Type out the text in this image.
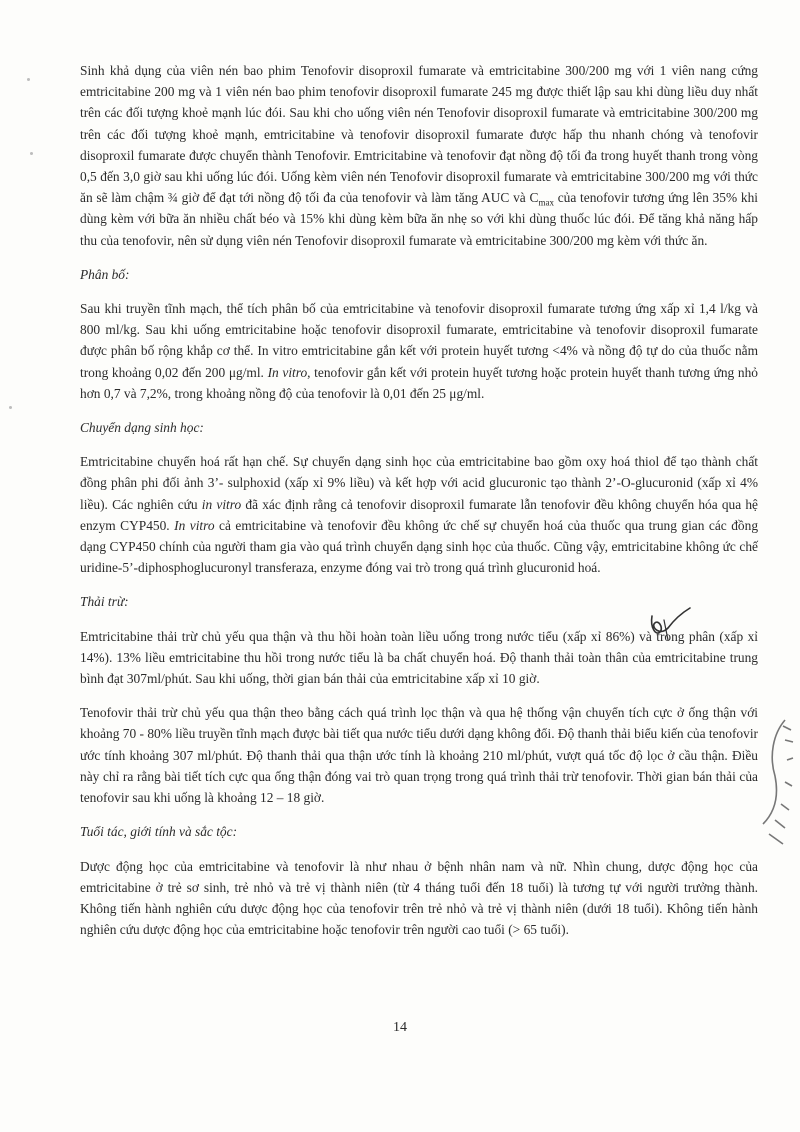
Sinh khả dụng của viên nén bao phim Tenofovir disoproxil fumarate và emtricitabine 300/200 mg với 1 viên nang cứng emtricitabine 200 mg và 1 viên nén bao phim tenofovir disoproxil fumarate 245 mg được thiết lập sau khi dùng liều duy nhất trên các đối tượng khoẻ mạnh lúc đói. Sau khi cho uống viên nén Tenofovir disoproxil fumarate và emtricitabine 300/200 mg trên các đối tượng khoẻ mạnh, emtricitabine và tenofovir disoproxil fumarate được hấp thu nhanh chóng và tenofovir disoproxil fumarate được chuyển thành Tenofovir. Emtricitabine và tenofovir đạt nồng độ tối đa trong huyết thanh trong vòng 0,5 đến 3,0 giờ sau khi uống lúc đói. Uống kèm viên nén Tenofovir disoproxil fumarate và emtricitabine 300/200 mg với thức ăn sẽ làm chậm ¾ giờ để đạt tới nồng độ tối đa của tenofovir và làm tăng AUC và $C_{max}$ của tenofovir tương ứng lên 35% khi dùng kèm với bữa ăn nhiều chất béo và 15% khi dùng kèm bữa ăn nhẹ so với khi dùng thuốc lúc đói. Để tăng khả năng hấp thu của tenofovir, nên sử dụng viên nén Tenofovir disoproxil fumarate và emtricitabine 300/200 mg kèm với thức ăn.

Phân bố:

Sau khi truyền tĩnh mạch, thể tích phân bố của emtricitabine và tenofovir disoproxil fumarate tương ứng xấp xỉ 1,4 l/kg và 800 ml/kg. Sau khi uống emtricitabine hoặc tenofovir disoproxil fumarate, emtricitabine và tenofovir disoproxil fumarate được phân bố rộng khắp cơ thể. In vitro emtricitabine gắn kết với protein huyết tương <4% và nồng độ tự do của thuốc nằm trong khoảng 0,02 đến 200 μg/ml. In vitro, tenofovir gắn kết với protein huyết tương hoặc protein huyết thanh tương ứng nhỏ hơn 0,7 và 7,2%, trong khoảng nồng độ của tenofovir là 0,01 đến 25 μg/ml.

Chuyển dạng sinh học:

Emtricitabine chuyển hoá rất hạn chế. Sự chuyển dạng sinh học của emtricitabine bao gồm oxy hoá thiol để tạo thành chất đồng phân phi đối ảnh 3’- sulphoxid (xấp xỉ 9% liều) và kết hợp với acid glucuronic tạo thành 2’-O-glucuronid (xấp xỉ 4% liều). Các nghiên cứu in vitro đã xác định rằng cả tenofovir disoproxil fumarate lẫn tenofovir đều không chuyển hóa qua hệ enzym CYP450. In vitro cả emtricitabine và tenofovir đều không ức chế sự chuyển hoá của thuốc qua trung gian các đồng dạng CYP450 chính của người tham gia vào quá trình chuyển dạng sinh học của thuốc. Cũng vậy, emtricitabine không ức chế uridine-5’-diphosphoglucuronyl transferaza, enzyme đóng vai trò trong quá trình glucuronid hoá.

Thải trừ:

Emtricitabine thải trừ chủ yếu qua thận và thu hồi hoàn toàn liều uống trong nước tiểu (xấp xỉ 86%) và trong phân (xấp xỉ 14%). 13% liều emtricitabine thu hồi trong nước tiểu là ba chất chuyển hoá. Độ thanh thải toàn thân của emtricitabine trung bình đạt 307ml/phút. Sau khi uống, thời gian bán thải của emtricitabine xấp xỉ 10 giờ.

Tenofovir thải trừ chủ yếu qua thận theo bằng cách quá trình lọc thận và qua hệ thống vận chuyển tích cực ở ống thận với khoảng 70 - 80% liều truyền tĩnh mạch được bài tiết qua nước tiểu dưới dạng không đổi. Độ thanh thải biểu kiến của tenofovir ước tính khoảng 307 ml/phút. Độ thanh thải qua thận ước tính là khoảng 210 ml/phút, vượt quá tốc độ lọc ở cầu thận. Điều này chỉ ra rằng bài tiết tích cực qua ống thận đóng vai trò quan trọng trong quá trình thải trừ tenofovir. Thời gian bán thải của tenofovir sau khi uống là khoảng 12 – 18 giờ.

Tuổi tác, giới tính và sắc tộc:

Dược động học của emtricitabine và tenofovir là như nhau ở bệnh nhân nam và nữ. Nhìn chung, dược động học của emtricitabine ở trẻ sơ sinh, trẻ nhỏ và trẻ vị thành niên (từ 4 tháng tuổi đến 18 tuổi) là tương tự với người trưởng thành. Không tiến hành nghiên cứu dược động học của tenofovir trên trẻ nhỏ và trẻ vị thành niên (dưới 18 tuổi). Không tiến hành nghiên cứu dược động học của emtricitabine hoặc tenofovir trên người cao tuổi (> 65 tuổi).

14
